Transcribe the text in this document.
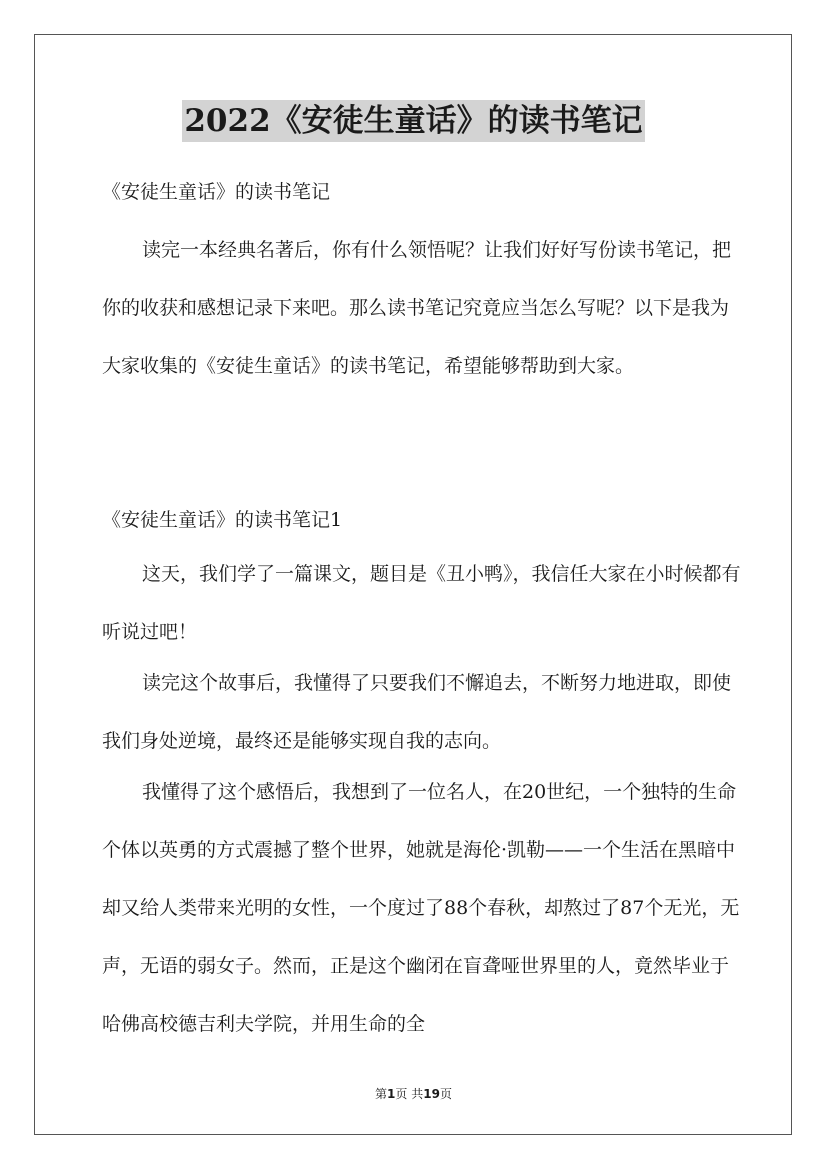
2022《安徒生童话》的读书笔记

《安徒生童话》的读书笔记

读完一本经典名著后，你有什么领悟呢？让我们好好写份读书笔记，把你的收获和感想记录下来吧。那么读书笔记究竟应当怎么写呢？以下是我为大家收集的《安徒生童话》的读书笔记，希望能够帮助到大家。

《安徒生童话》的读书笔记1

这天，我们学了一篇课文，题目是《丑小鸭》，我信任大家在小时候都有听说过吧！

读完这个故事后，我懂得了只要我们不懈追去，不断努力地进取，即使我们身处逆境，最终还是能够实现自我的志向。

我懂得了这个感悟后，我想到了一位名人，在20世纪，一个独特的生命个体以英勇的方式震撼了整个世界，她就是海伦·凯勒——一个生活在黑暗中却又给人类带来光明的女性，一个度过了88个春秋，却熬过了87个无光，无声，无语的弱女子。然而，正是这个幽闭在盲聋哑世界里的人，竟然毕业于哈佛高校德吉利夫学院，并用生命的全

第1页 共19页
